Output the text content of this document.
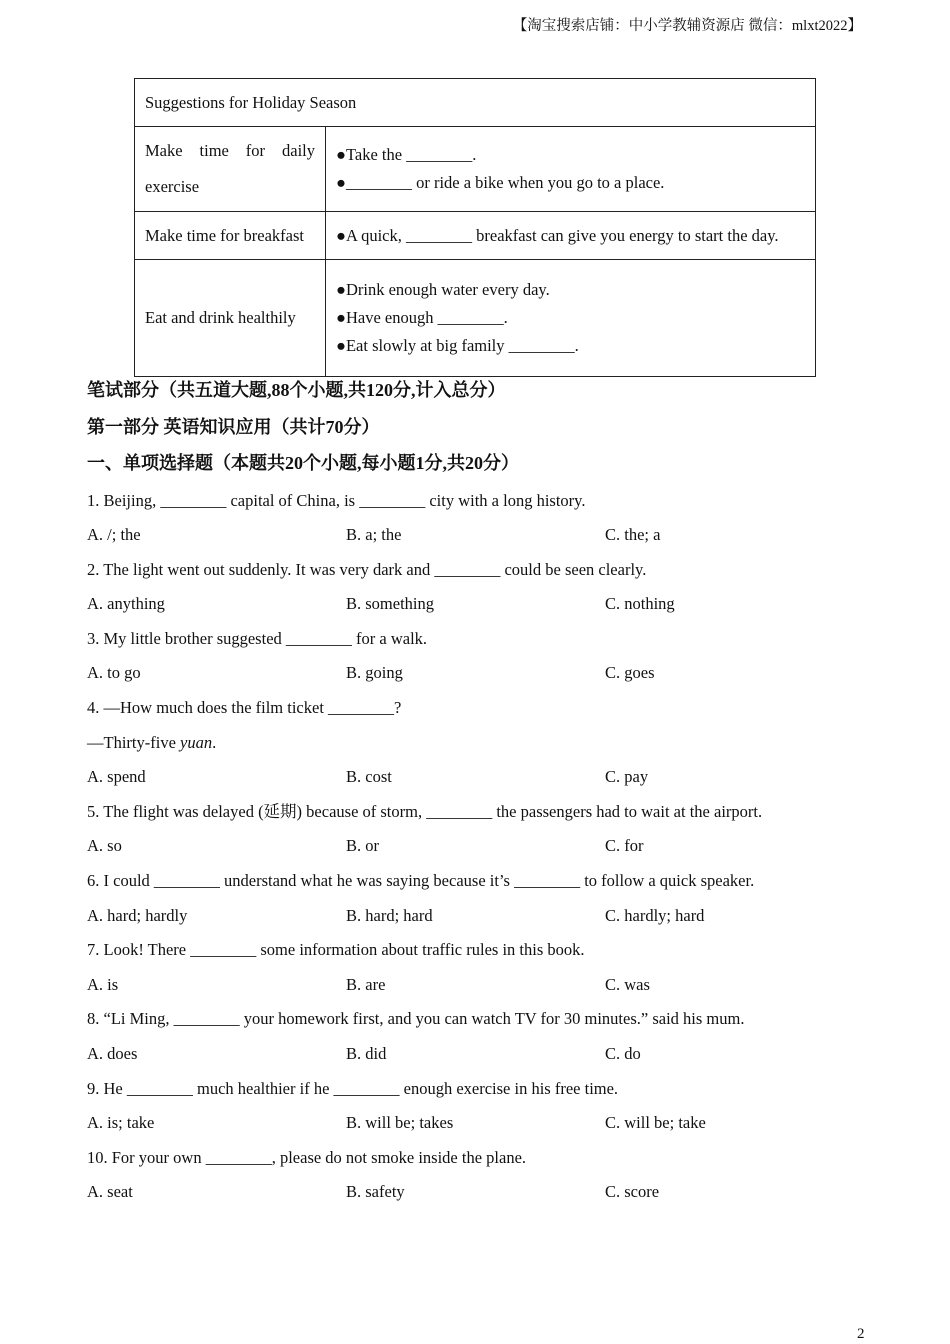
【淘宝搜索店铺：中小学教辅资源店 微信：mlxt2022】
Suggestions for Holiday Season	

Make time for daily
exercise	●Take the ________.
●________ or ride a bike when you go to a place.

Make time for breakfast	●A quick, ________ breakfast can give you energy to start the day.

Eat and drink healthily	●Drink enough water every day.
●Have enough ________.
●Eat slowly at big family ________.
笔试部分（共五道大题,88个小题,共120分,计入总分）
第一部分 英语知识应用（共计70分）
一、单项选择题（本题共20个小题,每小题1分,共20分）
1. Beijing, ________ capital of China, is ________ city with a long history.
A. /; the	B. a; the	C. the; a
2. The light went out suddenly. It was very dark and ________ could be seen clearly.
A. anything	B. something	C. nothing
3. My little brother suggested ________ for a walk.
A. to go	B. going	C. goes
4. —How much does the film ticket ________?
—Thirty-five yuan.
A. spend	B. cost	C. pay
5. The flight was delayed (延期) because of storm, ________ the passengers had to wait at the airport.
A. so	B. or	C. for
6. I could ________ understand what he was saying because it’s ________ to follow a quick speaker.
A. hard; hardly	B. hard; hard	C. hardly; hard
7. Look! There ________ some information about traffic rules in this book.
A. is	B. are	C. was
8. “Li Ming, ________ your homework first, and you can watch TV for 30 minutes.” said his mum.
A. does	B. did	C. do
9. He ________ much healthier if he ________ enough exercise in his free time.
A. is; take	B. will be; takes	C. will be; take
10. For your own ________, please do not smoke inside the plane.
A. seat	B. safety	C. score
2
